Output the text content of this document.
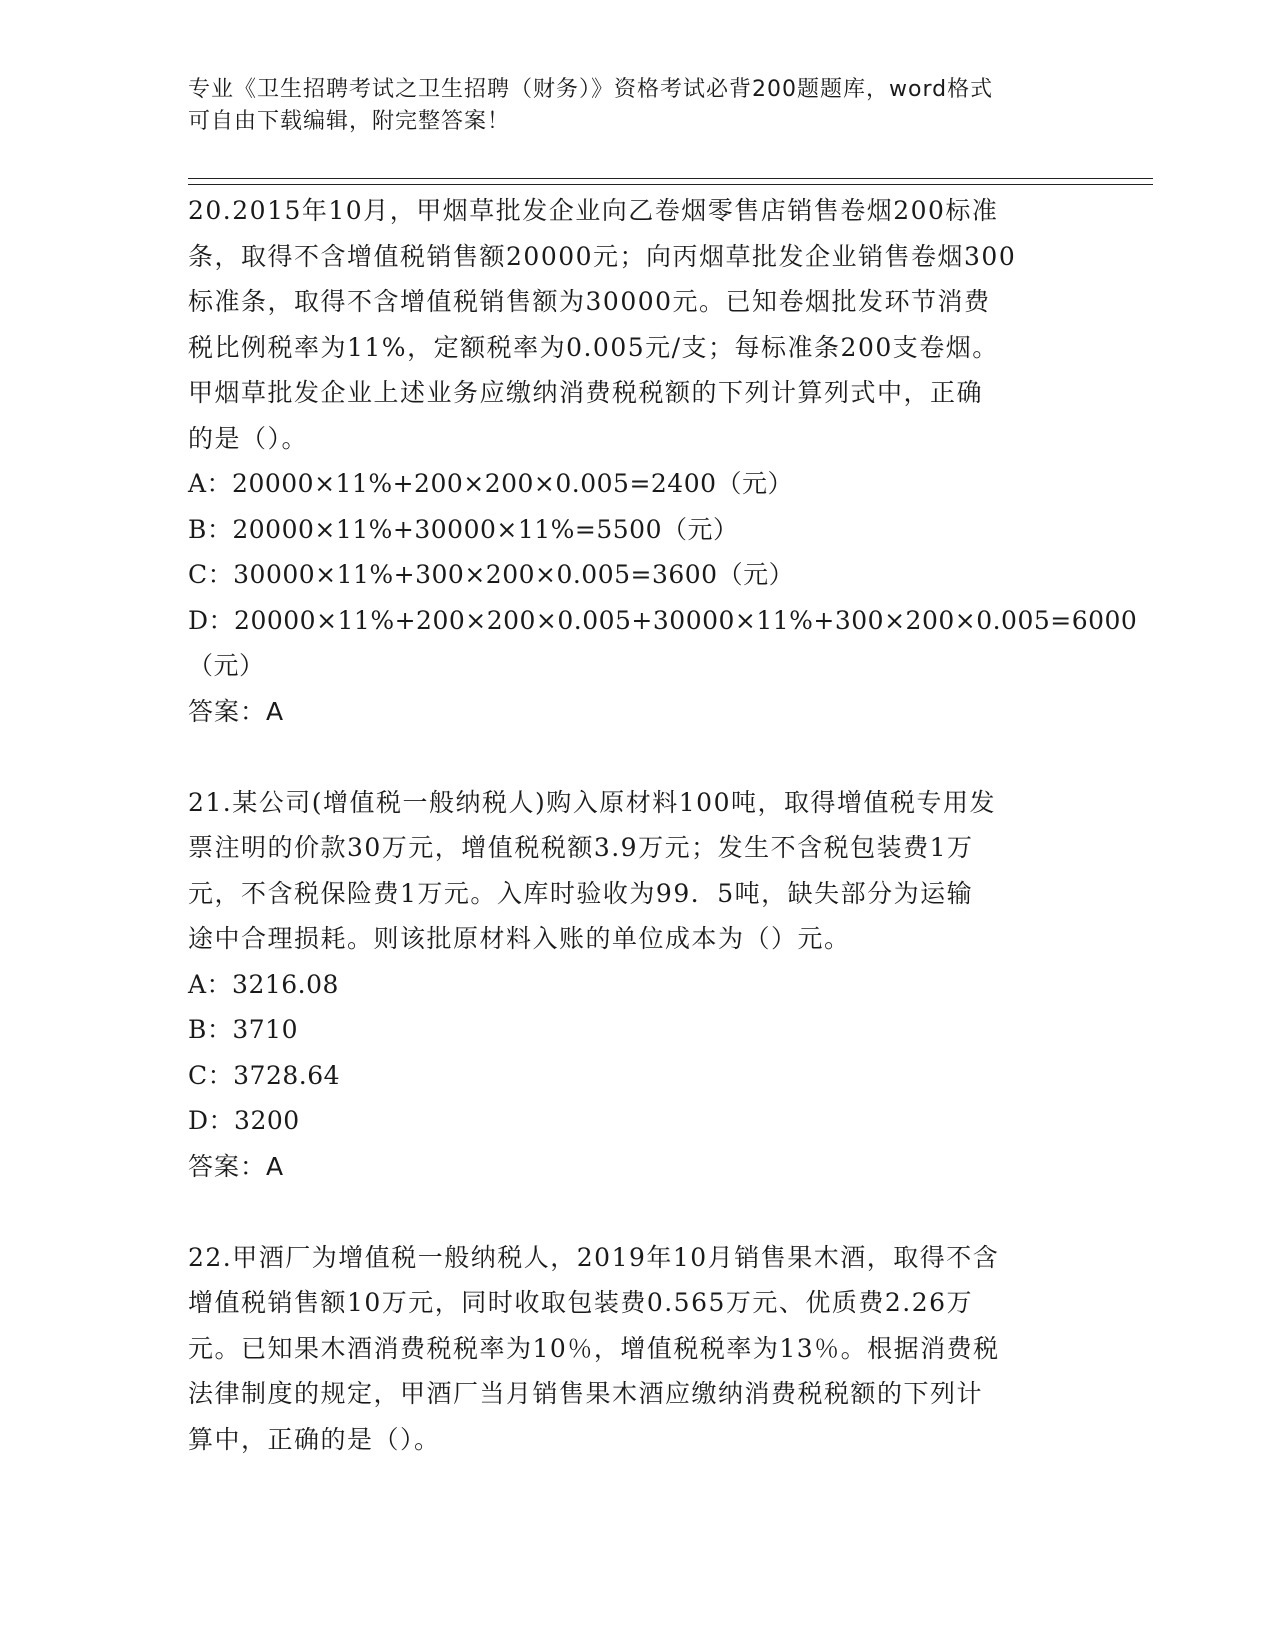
专业《卫生招聘考试之卫生招聘（财务）》资格考试必背200题题库，word格式
可自由下载编辑，附完整答案！
20.2015年10月，甲烟草批发企业向乙卷烟零售店销售卷烟200标准
条，取得不含增值税销售额20000元；向丙烟草批发企业销售卷烟300
标准条，取得不含增值税销售额为30000元。已知卷烟批发环节消费
税比例税率为11%，定额税率为0.005元/支；每标准条200支卷烟。
甲烟草批发企业上述业务应缴纳消费税税额的下列计算列式中，正确
的是（）。
A：20000×11%+200×200×0.005=2400（元）
B：20000×11%+30000×11%=5500（元）
C：30000×11%+300×200×0.005=3600（元）
D：20000×11%+200×200×0.005+30000×11%+300×200×0.005=6000
（元）
答案：A
21.某公司(增值税一般纳税人)购入原材料100吨，取得增值税专用发
票注明的价款30万元，增值税税额3.9万元；发生不含税包装费1万
元，不含税保险费1万元。入库时验收为99．5吨，缺失部分为运输
途中合理损耗。则该批原材料入账的单位成本为（）元。
A：3216.08
B：3710
C：3728.64
D：3200
答案：A
22.甲酒厂为增值税一般纳税人，2019年10月销售果木酒，取得不含
增值税销售额10万元，同时收取包装费0.565万元、优质费2.26万
元。已知果木酒消费税税率为10％，增值税税率为13％。根据消费税
法律制度的规定，甲酒厂当月销售果木酒应缴纳消费税税额的下列计
算中，正确的是（）。
